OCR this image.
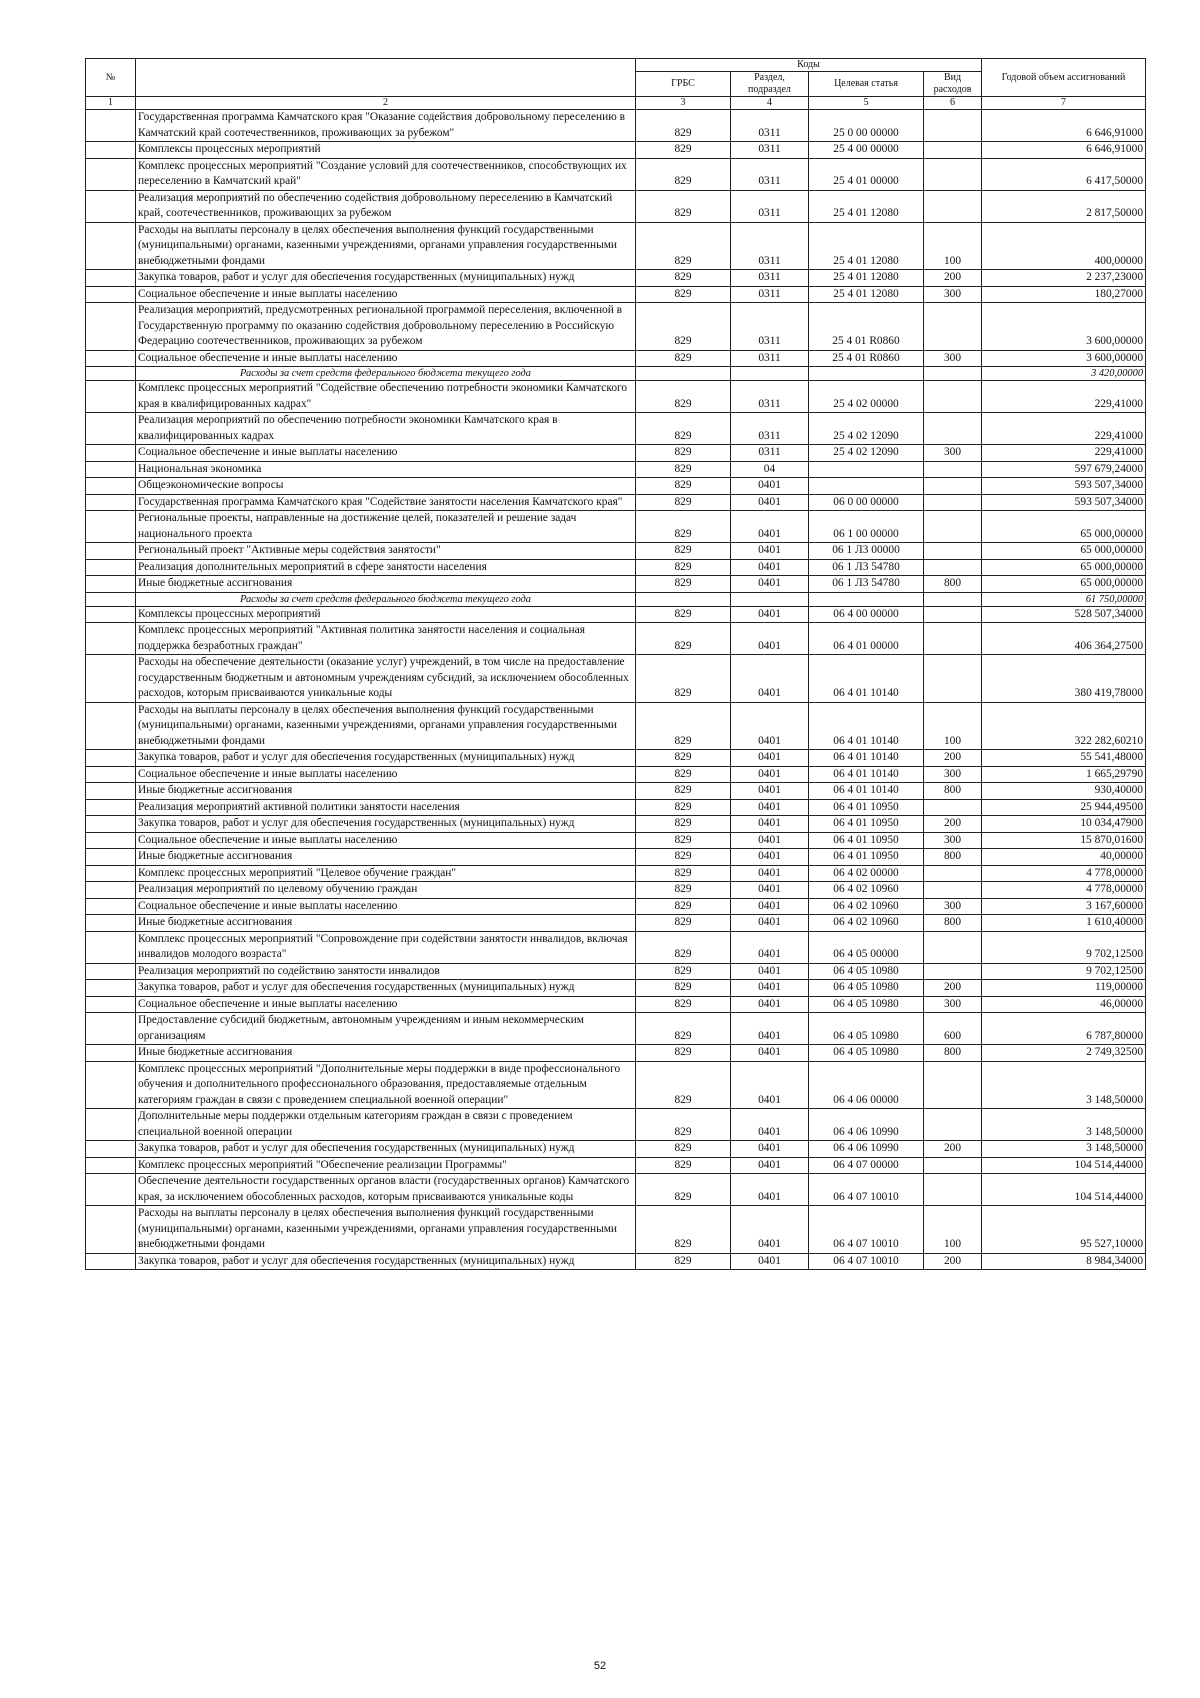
№		Коды				Годовой объем ассигнований
		ГРБС	Раздел, подраздел	Целевая статья	Вид расходов	
1	2	3	4	5	6	7
	Государственная программа Камчатского края "Оказание содействия добровольному переселению в Камчатский край соотечественников, проживающих за рубежом"	829	0311	25 0 00 00000		6 646,91000
	Комплексы процессных мероприятий	829	0311	25 4 00 00000		6 646,91000
	Комплекс процессных мероприятий "Создание условий для соотечественников, способствующих их переселению в Камчатский край"	829	0311	25 4 01 00000		6 417,50000
	Реализация мероприятий по обеспечению содействия добровольному переселению в Камчатский край, соотечественников, проживающих за рубежом	829	0311	25 4 01 12080		2 817,50000
	Расходы на выплаты персоналу в целях обеспечения выполнения функций государственными (муниципальными) органами, казенными учреждениями, органами управления государственными внебюджетными фондами	829	0311	25 4 01 12080	100	400,00000
	Закупка товаров, работ и услуг для обеспечения государственных (муниципальных) нужд	829	0311	25 4 01 12080	200	2 237,23000
	Социальное обеспечение и иные выплаты населению	829	0311	25 4 01 12080	300	180,27000
	Реализация мероприятий, предусмотренных региональной программой переселения, включенной в Государственную программу по оказанию содействия добровольному переселению в Российскую Федерацию соотечественников, проживающих за рубежом	829	0311	25 4 01 R0860		3 600,00000
	Социальное обеспечение и иные выплаты населению	829	0311	25 4 01 R0860	300	3 600,00000
	Расходы за счет средств федерального бюджета текущего года					3 420,00000
	Комплекс процессных мероприятий "Содействие обеспечению потребности экономики Камчатского края в квалифицированных кадрах"	829	0311	25 4 02 00000		229,41000
	Реализация мероприятий по обеспечению потребности экономики Камчатского края в квалифицированных кадрах	829	0311	25 4 02 12090		229,41000
	Социальное обеспечение и иные выплаты населению	829	0311	25 4 02 12090	300	229,41000
	Национальная экономика	829	04			597 679,24000
	Общеэкономические вопросы	829	0401			593 507,34000
	Государственная программа Камчатского края "Содействие занятости населения Камчатского края"	829	0401	06 0 00 00000		593 507,34000
	Региональные проекты, направленные на достижение целей, показателей и решение задач национального проекта	829	0401	06 1 00 00000		65 000,00000
	Региональный проект "Активные меры содействия занятости"	829	0401	06 1 Л3 00000		65 000,00000
	Реализация дополнительных мероприятий в сфере занятости населения	829	0401	06 1 Л3 54780		65 000,00000
	Иные бюджетные ассигнования	829	0401	06 1 Л3 54780	800	65 000,00000
	Расходы за счет средств федерального бюджета текущего года					61 750,00000
	Комплексы процессных мероприятий	829	0401	06 4 00 00000		528 507,34000
	Комплекс процессных мероприятий "Активная политика занятости населения и социальная поддержка безработных граждан"	829	0401	06 4 01 00000		406 364,27500
	Расходы на обеспечение деятельности (оказание услуг) учреждений, в том числе на предоставление государственным бюджетным и автономным учреждениям субсидий, за исключением обособленных расходов, которым присваиваются уникальные коды	829	0401	06 4 01 10140		380 419,78000
	Расходы на выплаты персоналу в целях обеспечения выполнения функций государственными (муниципальными) органами, казенными учреждениями, органами управления государственными внебюджетными фондами	829	0401	06 4 01 10140	100	322 282,60210
	Закупка товаров, работ и услуг для обеспечения государственных (муниципальных) нужд	829	0401	06 4 01 10140	200	55 541,48000
	Социальное обеспечение и иные выплаты населению	829	0401	06 4 01 10140	300	1 665,29790
	Иные бюджетные ассигнования	829	0401	06 4 01 10140	800	930,40000
	Реализация мероприятий активной политики занятости населения	829	0401	06 4 01 10950		25 944,49500
	Закупка товаров, работ и услуг для обеспечения государственных (муниципальных) нужд	829	0401	06 4 01 10950	200	10 034,47900
	Социальное обеспечение и иные выплаты населению	829	0401	06 4 01 10950	300	15 870,01600
	Иные бюджетные ассигнования	829	0401	06 4 01 10950	800	40,00000
	Комплекс процессных мероприятий "Целевое обучение граждан"	829	0401	06 4 02 00000		4 778,00000
	Реализация мероприятий по целевому обучению граждан	829	0401	06 4 02 10960		4 778,00000
	Социальное обеспечение и иные выплаты населению	829	0401	06 4 02 10960	300	3 167,60000
	Иные бюджетные ассигнования	829	0401	06 4 02 10960	800	1 610,40000
	Комплекс процессных мероприятий "Сопровождение при содействии занятости инвалидов, включая инвалидов молодого возраста"	829	0401	06 4 05 00000		9 702,12500
	Реализация мероприятий по содействию занятости инвалидов	829	0401	06 4 05 10980		9 702,12500
	Закупка товаров, работ и услуг для обеспечения государственных (муниципальных) нужд	829	0401	06 4 05 10980	200	119,00000
	Социальное обеспечение и иные выплаты населению	829	0401	06 4 05 10980	300	46,00000
	Предоставление субсидий бюджетным, автономным учреждениям и иным некоммерческим организациям	829	0401	06 4 05 10980	600	6 787,80000
	Иные бюджетные ассигнования	829	0401	06 4 05 10980	800	2 749,32500
	Комплекс процессных мероприятий "Дополнительные меры поддержки в виде профессионального обучения и дополнительного профессионального образования, предоставляемые отдельным категориям граждан в связи с проведением специальной военной операции"	829	0401	06 4 06 00000		3 148,50000
	Дополнительные меры поддержки отдельным категориям граждан в связи с проведением специальной военной операции	829	0401	06 4 06 10990		3 148,50000
	Закупка товаров, работ и услуг для обеспечения государственных (муниципальных) нужд	829	0401	06 4 06 10990	200	3 148,50000
	Комплекс процессных мероприятий "Обеспечение реализации Программы"	829	0401	06 4 07 00000		104 514,44000
	Обеспечение деятельности государственных органов власти (государственных органов) Камчатского края, за исключением обособленных расходов, которым присваиваются уникальные коды	829	0401	06 4 07 10010		104 514,44000
	Расходы на выплаты персоналу в целях обеспечения выполнения функций государственными (муниципальными) органами, казенными учреждениями, органами управления государственными внебюджетными фондами	829	0401	06 4 07 10010	100	95 527,10000
	Закупка товаров, работ и услуг для обеспечения государственных (муниципальных) нужд	829	0401	06 4 07 10010	200	8 984,34000
52
